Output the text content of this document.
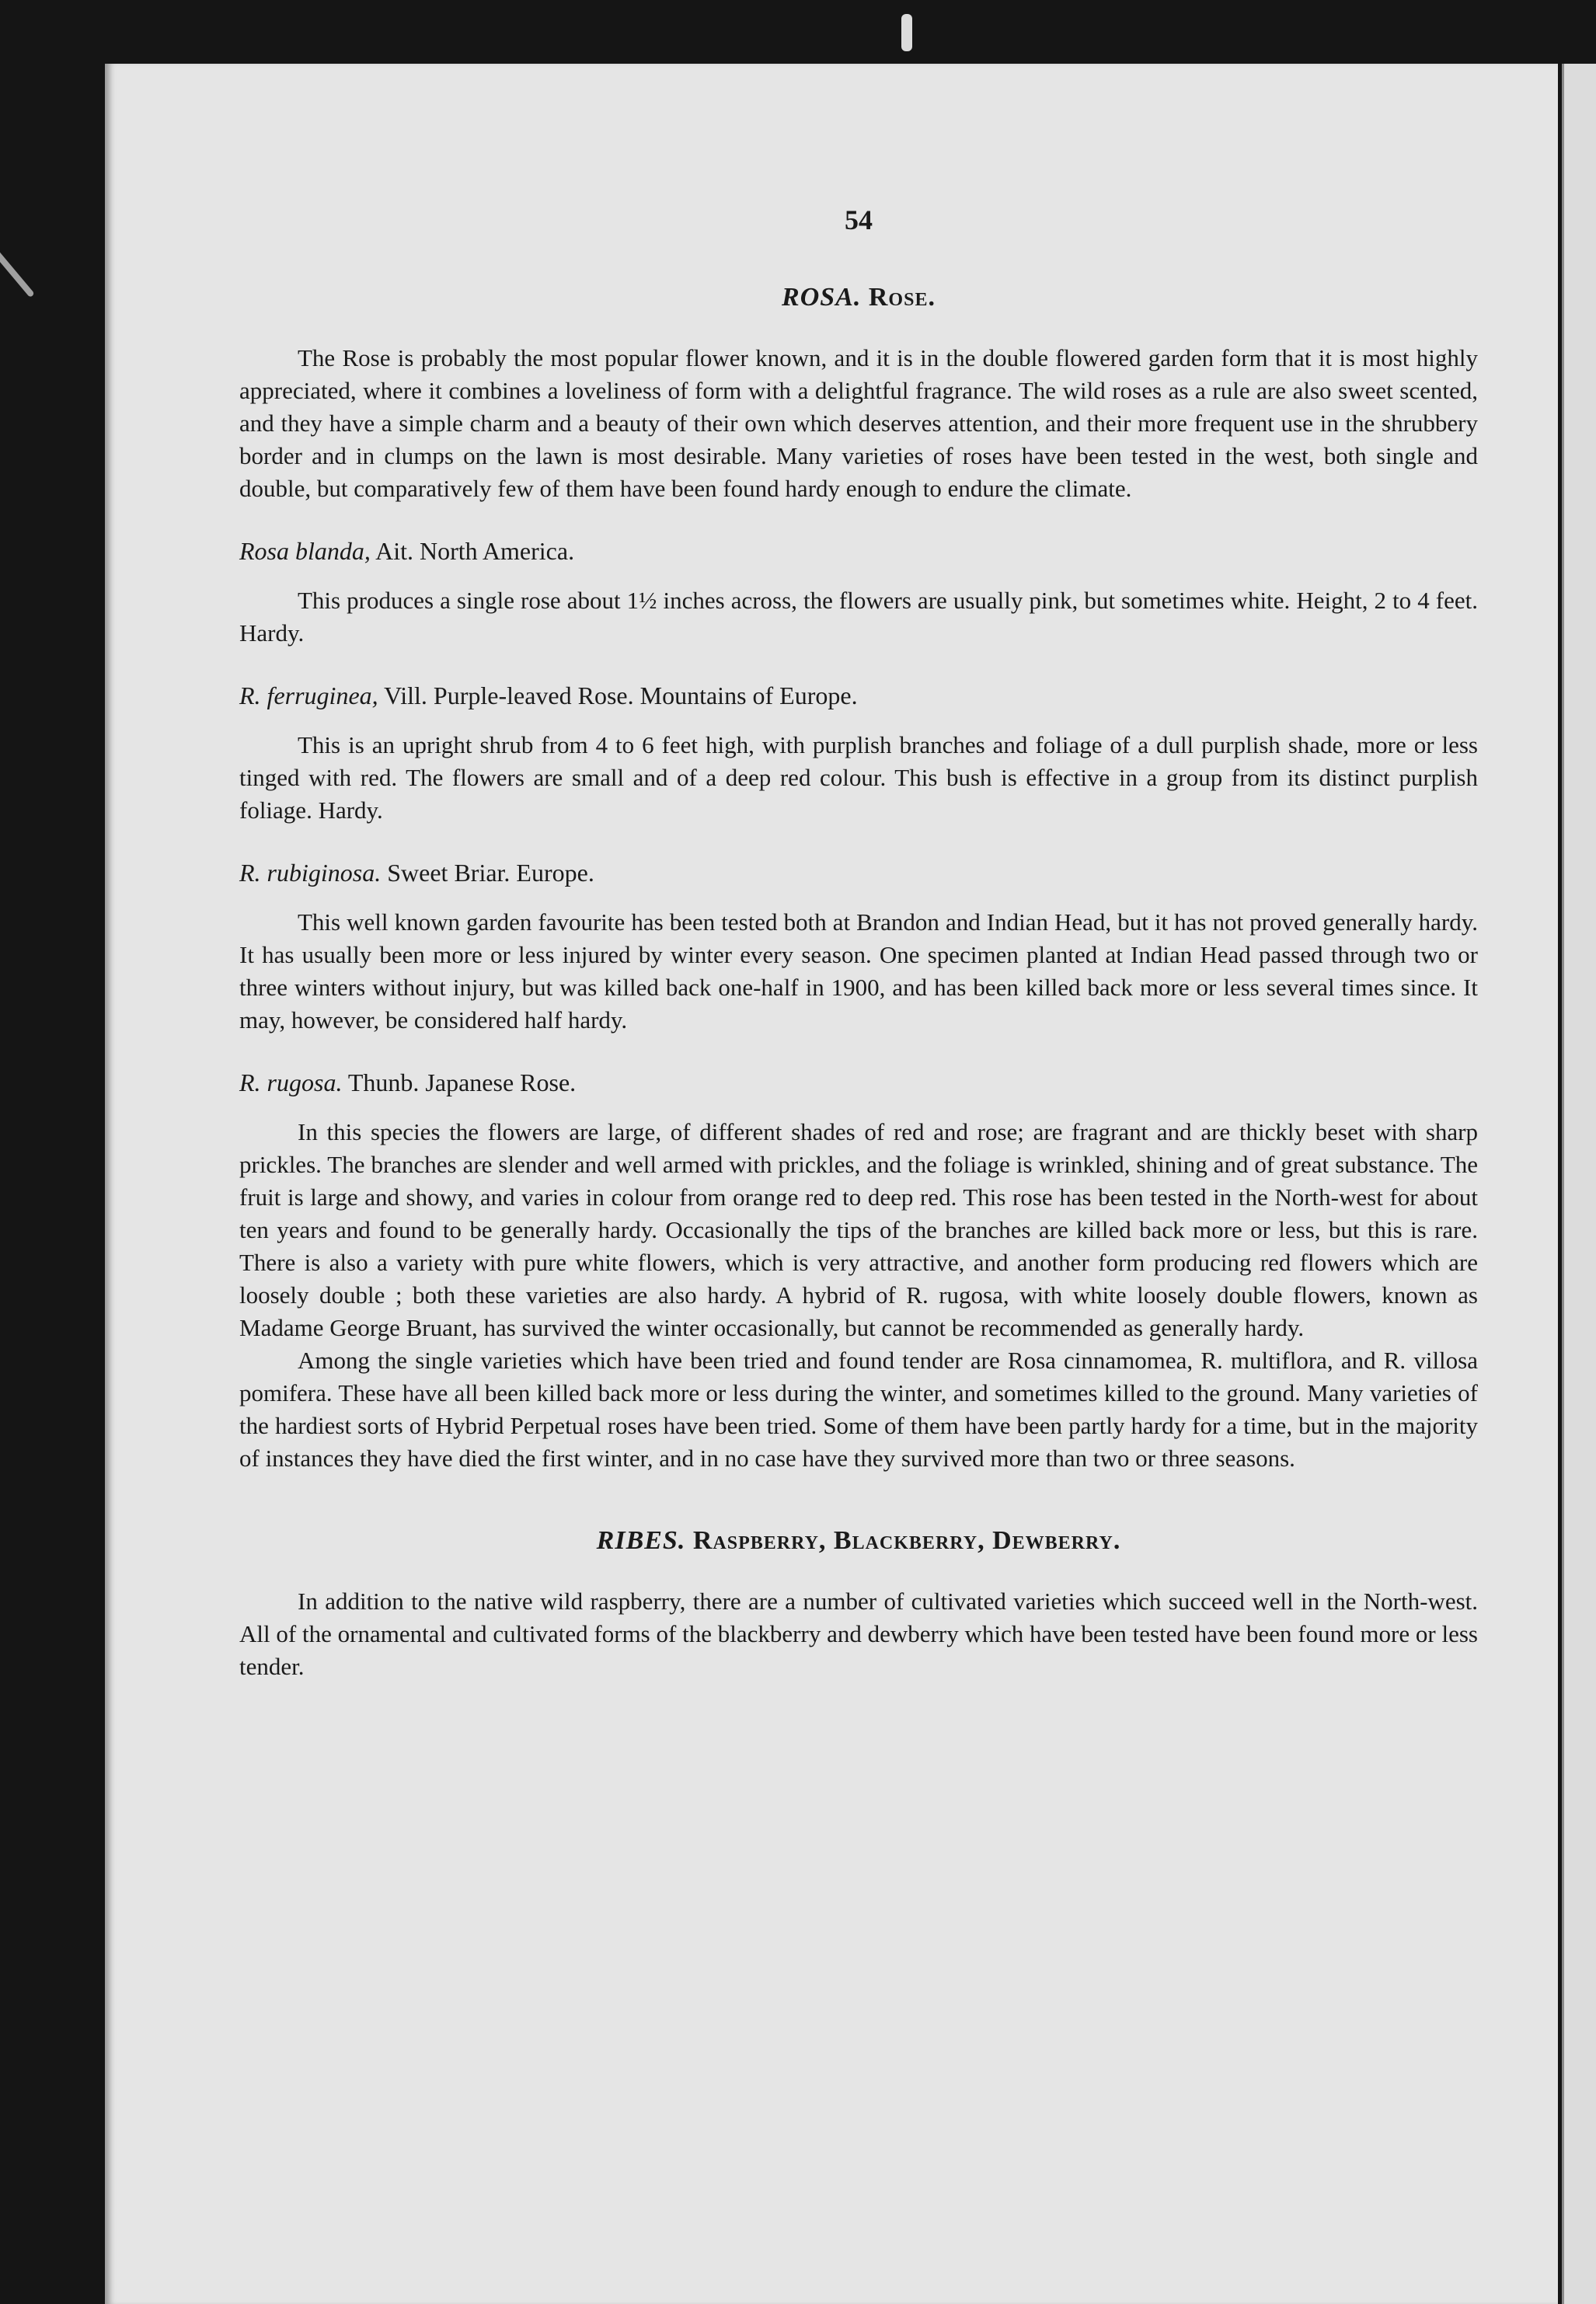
54
ROSA. Rose.

The Rose is probably the most popular flower known, and it is in the double flowered garden form that it is most highly appreciated, where it combines a loveliness of form with a delightful fragrance. The wild roses as a rule are also sweet scented, and they have a simple charm and a beauty of their own which deserves attention, and their more frequent use in the shrubbery border and in clumps on the lawn is most desirable. Many varieties of roses have been tested in the west, both single and double, but comparatively few of them have been found hardy enough to endure the climate.

Rosa blanda, Ait. North America.

This produces a single rose about 1½ inches across, the flowers are usually pink, but sometimes white. Height, 2 to 4 feet. Hardy.

R. ferruginea, Vill. Purple-leaved Rose. Mountains of Europe.

This is an upright shrub from 4 to 6 feet high, with purplish branches and foliage of a dull purplish shade, more or less tinged with red. The flowers are small and of a deep red colour. This bush is effective in a group from its distinct purplish foliage. Hardy.

R. rubiginosa. Sweet Briar. Europe.

This well known garden favourite has been tested both at Brandon and Indian Head, but it has not proved generally hardy. It has usually been more or less injured by winter every season. One specimen planted at Indian Head passed through two or three winters without injury, but was killed back one-half in 1900, and has been killed back more or less several times since. It may, however, be considered half hardy.

R. rugosa. Thunb. Japanese Rose.

In this species the flowers are large, of different shades of red and rose; are fragrant and are thickly beset with sharp prickles. The branches are slender and well armed with prickles, and the foliage is wrinkled, shining and of great substance. The fruit is large and showy, and varies in colour from orange red to deep red. This rose has been tested in the North-west for about ten years and found to be generally hardy. Occasionally the tips of the branches are killed back more or less, but this is rare. There is also a variety with pure white flowers, which is very attractive, and another form producing red flowers which are loosely double ; both these varieties are also hardy. A hybrid of R. rugosa, with white loosely double flowers, known as Madame George Bruant, has survived the winter occasionally, but cannot be recommended as generally hardy.

Among the single varieties which have been tried and found tender are Rosa cinnamomea, R. multiflora, and R. villosa pomifera. These have all been killed back more or less during the winter, and sometimes killed to the ground. Many varieties of the hardiest sorts of Hybrid Perpetual roses have been tried. Some of them have been partly hardy for a time, but in the majority of instances they have died the first winter, and in no case have they survived more than two or three seasons.

RIBES. Raspberry, Blackberry, Dewberry.

In addition to the native wild raspberry, there are a number of cultivated varieties which succeed well in the North-west. All of the ornamental and cultivated forms of the blackberry and dewberry which have been tested have been found more or less tender.
